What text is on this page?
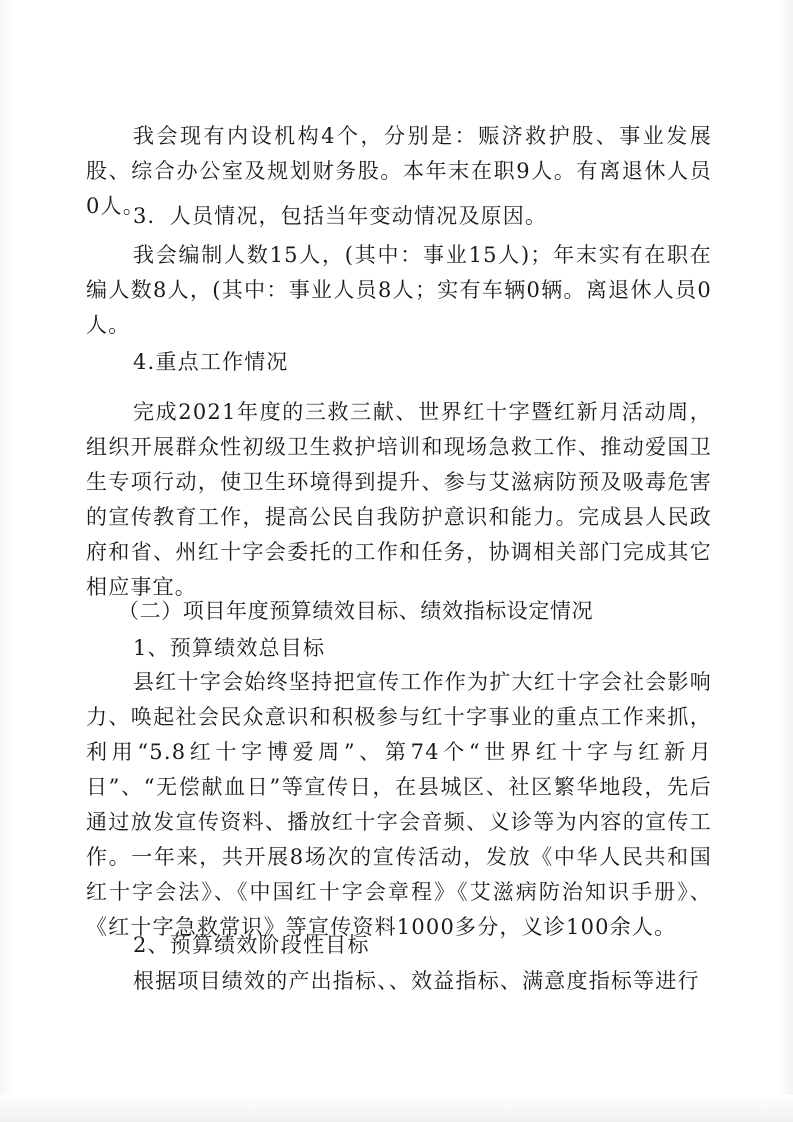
我会现有内设机构4个，分别是：赈济救护股、事业发展股、综合办公室及规划财务股。本年末在职9人。有离退休人员0人。

3．人员情况，包括当年变动情况及原因。

我会编制人数15人，(其中：事业15人)；年末实有在职在编人数8人，(其中：事业人员8人；实有车辆0辆。离退休人员0人。

4.重点工作情况

完成2021年度的三救三献、世界红十字暨红新月活动周，组织开展群众性初级卫生救护培训和现场急救工作、推动爱国卫生专项行动，使卫生环境得到提升、参与艾滋病防预及吸毒危害的宣传教育工作，提高公民自我防护意识和能力。完成县人民政府和省、州红十字会委托的工作和任务，协调相关部门完成其它相应事宜。

（二）项目年度预算绩效目标、绩效指标设定情况

1、预算绩效总目标

县红十字会始终坚持把宣传工作作为扩大红十字会社会影响力、唤起社会民众意识和积极参与红十字事业的重点工作来抓，利用“5.8红十字博爱周”、第74个“世界红十字与红新月日”、“无偿献血日”等宣传日，在县城区、社区繁华地段，先后通过放发宣传资料、播放红十字会音频、义诊等为内容的宣传工作。一年来，共开展8场次的宣传活动，发放《中华人民共和国红十字会法》、《中国红十字会章程》《艾滋病防治知识手册》、《红十字急救常识》等宣传资料1000多分，义诊100余人。

2、预算绩效阶段性目标

根据项目绩效的产出指标、、效益指标、满意度指标等进行
